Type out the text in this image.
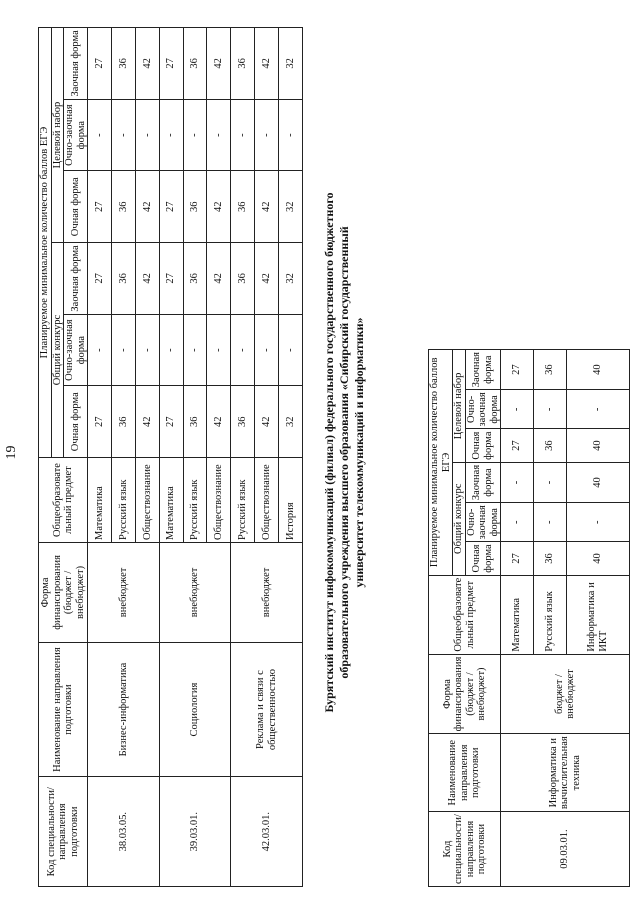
19
Код специальности/ направления подготовки	Наименование направления подготовки	Форма финансирования (бюджет / внебюджет)	Общеобразовате льный предмет	Планируемое минимальное количество баллов ЕГЭ					
				Общий конкурс			Целевой набор		
				Очная форма	Очно-заочная форма	Заочная форма	Очная форма	Очно-заочная форма	Заочная форма
38.03.05.	Бизнес-информатика	внебюджет	Математика	27	-	27	27	-	27
			Русский язык	36	-	36	36	-	36
			Обществознание	42	-	42	42	-	42
39.03.01.	Социология	внебюджет	Математика	27	-	27	27	-	27
			Русский язык	36	-	36	36	-	36
			Обществознание	42	-	42	42	-	42
42.03.01.	Реклама и связи с общественностью	внебюджет	Русский язык	36	-	36	36	-	36
			Обществознание	42	-	42	42	-	42
			История	32	-	32	32	-	32
Бурятский институт инфокоммуникаций (филиал) федерального государственного бюджетного образовательного учреждения высшего образования «Сибирский государственный университет телекоммуникаций и информатики»
Код специальности/ направления подготовки	Наименование направления подготовки	Форма финансирования (бюджет / внебюджет)	Общеобразовате льный предмет	Планируемое минимальное количество баллов ЕГЭ					
				Общий конкурс			Целевой набор		
				Очная форма	Очно-заочная форма	Заочная форма	Очная форма	Очно-заочная форма	Заочная форма
09.03.01.	Информатика и вычислительная техника	бюджет / внебюджет	Математика	27	-	-	27	-	27
			Русский язык	36	-	-	36	-	36
			Информатика и ИКТ	40	-	40	40	-	40
